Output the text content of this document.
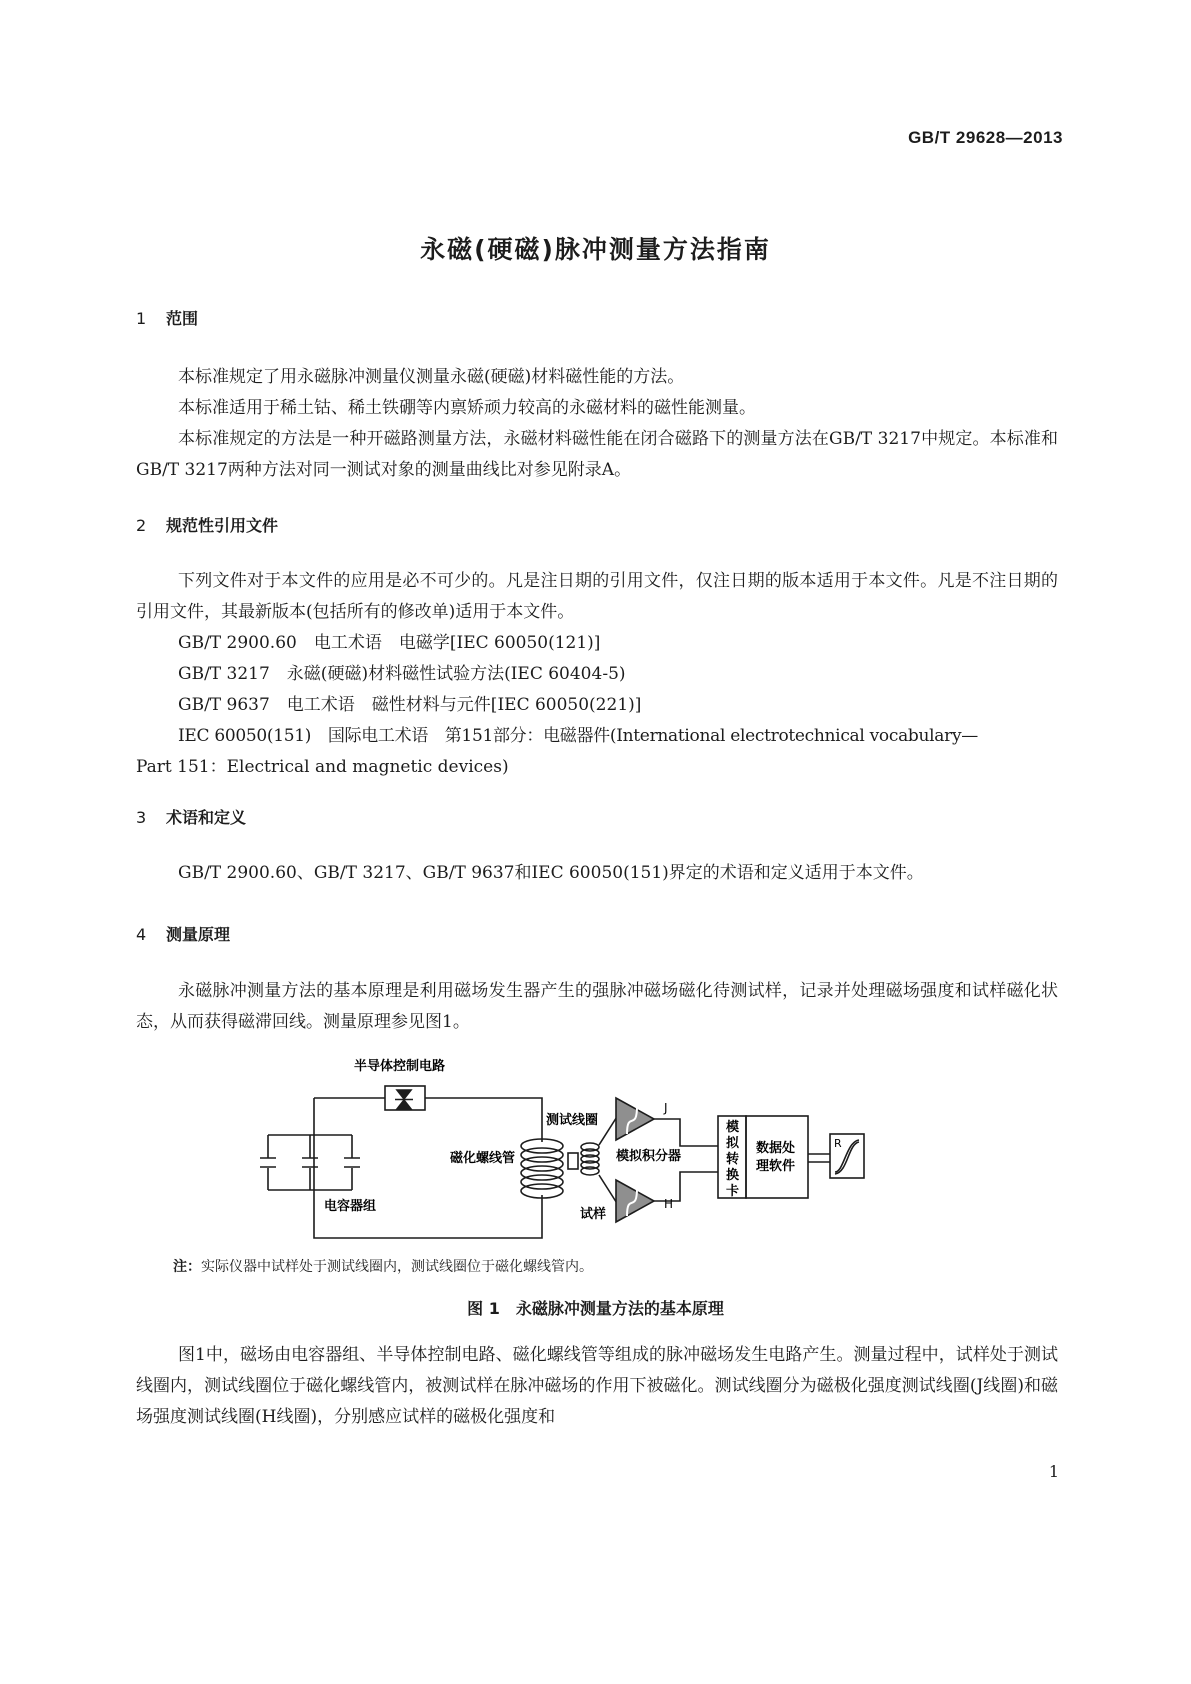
GB/T 29628—2013
永磁(硬磁)脉冲测量方法指南
1 范围

本标准规定了用永磁脉冲测量仪测量永磁(硬磁)材料磁性能的方法。

本标准适用于稀土钴、稀土铁硼等内禀矫顽力较高的永磁材料的磁性能测量。

本标准规定的方法是一种开磁路测量方法，永磁材料磁性能在闭合磁路下的测量方法在GB/T 3217中规定。本标准和GB/T 3217两种方法对同一测试对象的测量曲线比对参见附录A。

2 规范性引用文件

下列文件对于本文件的应用是必不可少的。凡是注日期的引用文件，仅注日期的版本适用于本文件。凡是不注日期的引用文件，其最新版本(包括所有的修改单)适用于本文件。

GB/T 2900.60　电工术语　电磁学[IEC 60050(121)]
GB/T 3217　永磁(硬磁)材料磁性试验方法(IEC 60404-5)
GB/T 9637　电工术语　磁性材料与元件[IEC 60050(221)]
IEC 60050(151)　国际电工术语　第151部分：电磁器件(International electrotechnical vocabulary—
Part 151：Electrical and magnetic devices)
3 术语和定义

GB/T 2900.60、GB/T 3217、GB/T 9637和IEC 60050(151)界定的术语和定义适用于本文件。

4 测量原理

永磁脉冲测量方法的基本原理是利用磁场发生器产生的强脉冲磁场磁化待测试样，记录并处理磁场强度和试样磁化状态，从而获得磁滞回线。测量原理参见图1。

半导体控制电路
电容器组
磁化螺线管
测试线圈
试样
模拟积分器
J
H
模
拟
转
换
卡
数据处
理软件
R
注：实际仪器中试样处于测试线圈内，测试线圈位于磁化螺线管内。
图 1 永磁脉冲测量方法的基本原理

图1中，磁场由电容器组、半导体控制电路、磁化螺线管等组成的脉冲磁场发生电路产生。测量过程中，试样处于测试线圈内，测试线圈位于磁化螺线管内，被测试样在脉冲磁场的作用下被磁化。测试线圈分为磁极化强度测试线圈(J线圈)和磁场强度测试线圈(H线圈)，分别感应试样的磁极化强度和

1
